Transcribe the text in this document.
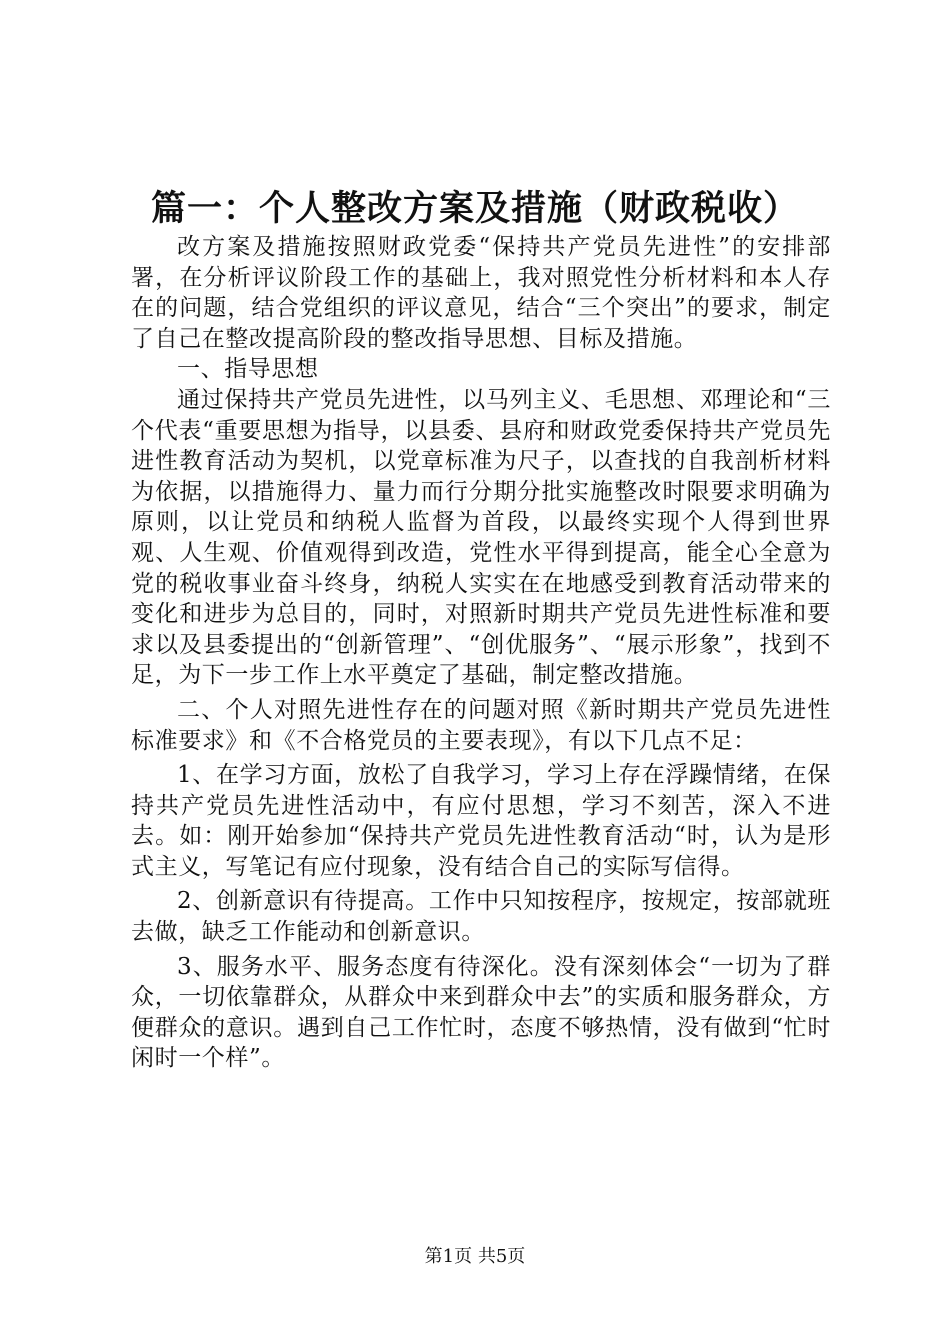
篇一：个人整改方案及措施（财政税收）

改方案及措施按照财政党委“保持共产党员先进性”的安排部署，在分析评议阶段工作的基础上，我对照党性分析材料和本人存在的问题，结合党组织的评议意见，结合“三个突出”的要求，制定了自己在整改提高阶段的整改指导思想、目标及措施。

一、指导思想

通过保持共产党员先进性，以马列主义、毛思想、邓理论和“三个代表“重要思想为指导，以县委、县府和财政党委保持共产党员先进性教育活动为契机，以党章标准为尺子，以查找的自我剖析材料为依据，以措施得力、量力而行分期分批实施整改时限要求明确为原则，以让党员和纳税人监督为首段，以最终实现个人得到世界观、人生观、价值观得到改造，党性水平得到提高，能全心全意为党的税收事业奋斗终身，纳税人实实在在地感受到教育活动带来的变化和进步为总目的，同时，对照新时期共产党员先进性标准和要求以及县委提出的“创新管理”、“创优服务”、“展示形象”，找到不足，为下一步工作上水平奠定了基础，制定整改措施。

二、个人对照先进性存在的问题对照《新时期共产党员先进性标准要求》和《不合格党员的主要表现》，有以下几点不足：

1、在学习方面，放松了自我学习，学习上存在浮躁情绪，在保持共产党员先进性活动中，有应付思想，学习不刻苦，深入不进去。如：刚开始参加“保持共产党员先进性教育活动“时，认为是形式主义，写笔记有应付现象，没有结合自己的实际写信得。

2、创新意识有待提高。工作中只知按程序，按规定，按部就班去做，缺乏工作能动和创新意识。

3、服务水平、服务态度有待深化。没有深刻体会“一切为了群众，一切依靠群众，从群众中来到群众中去”的实质和服务群众，方便群众的意识。遇到自己工作忙时，态度不够热情，没有做到“忙时闲时一个样”。

第1页 共5页
